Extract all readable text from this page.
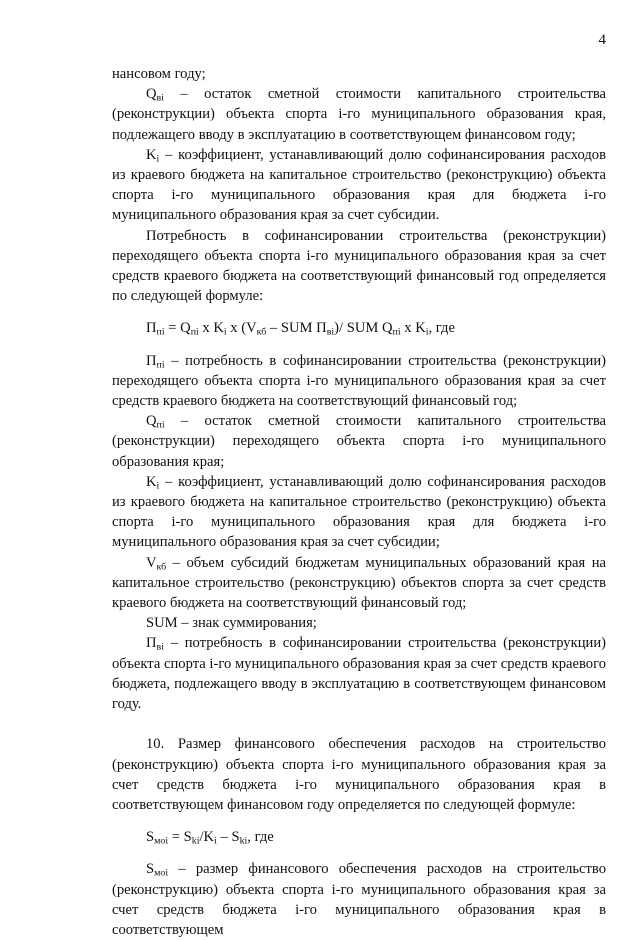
4

нансовом году;

$Q_{ві}$ – остаток сметной стоимости капитального строительства (реконструкции) объекта спорта і-го муниципального образования края, подлежащего вводу в эксплуатацию в соответствующем финансовом году;

$K_i$ – коэффициент, устанавливающий долю софинансирования расходов из краевого бюджета на капитальное строительство (реконструкцию) объекта спорта і-го муниципального образования края для бюджета і-го муниципального образования края за счет субсидии.

Потребность в софинансировании строительства (реконструкции) переходящего объекта спорта і-го муниципального образования края за счет средств краевого бюджета на соответствующий финансовый год определяется по следующей формуле:

$П_{пі} = Q_{пі}$ x $K_i$ x ($V_{кб}$ – SUM $П_{ві})/$ SUM $Q_{пі}$ x $K_i$, где

$П_{пі}$ – потребность в софинансировании строительства (реконструкции) переходящего объекта спорта і-го муниципального образования края за счет средств краевого бюджета на соответствующий финансовый год;

$Q_{пі}$ – остаток сметной стоимости капитального строительства (реконструкции) переходящего объекта спорта і-го муниципального образования края;

$K_i$ – коэффициент, устанавливающий долю софинансирования расходов из краевого бюджета на капитальное строительство (реконструкцию) объекта спорта і-го муниципального образования края для бюджета і-го муниципального образования края за счет субсидии;

$V_{кб}$ – объем субсидий бюджетам муниципальных образований края на капитальное строительство (реконструкцию) объектов спорта за счет средств краевого бюджета на соответствующий финансовый год;

SUM – знак суммирования;

$П_{ві}$ – потребность в софинансировании строительства (реконструкции) объекта спорта і-го муниципального образования края за счет средств краевого бюджета, подлежащего вводу в эксплуатацию в соответствующем финансовом году.

10. Размер финансового обеспечения расходов на строительство (реконструкцию) объекта спорта і-го муниципального образования края за счет средств бюджета і-го муниципального образования края в соответствующем финансовом году определяется по следующей формуле:

$S_{моі} = S_{ki}/K_i - S_{ki}$, где

$S_{моі}$ – размер финансового обеспечения расходов на строительство (реконструкцию) объекта спорта і-го муниципального образования края за счет средств бюджета і-го муниципального образования края в соответствующем
